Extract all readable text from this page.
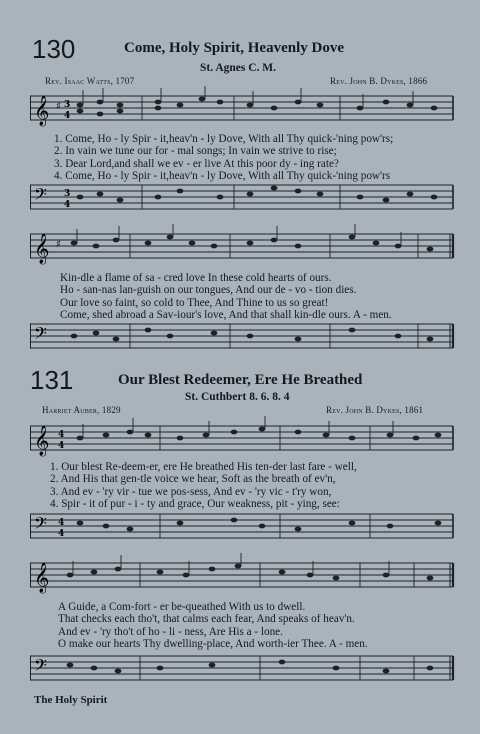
130	Come, Holy Spirit, Heavenly Dove
St. Agnes C. M.
Rev. Isaac Watts, 1707	Rev. John B. Dykes, 1866
𝄞 ♯ 3
4
1. Come, Ho - ly Spir - it,heav'n - ly Dove, With all Thy quick-'ning pow'rs;
2. In vain we tune our for - mal songs; In vain we strive to rise;
3. Dear Lord,and shall we ev - er live At this poor dy - ing rate?
4. Come, Ho - ly Spir - it,heav'n - ly Dove, With all Thy quick-'ning pow'rs
𝄢 3
4
𝄞 ♯
Kin-dle a flame of sa - cred love In these cold hearts of ours.
Ho - san-nas lan-guish on our tongues, And our de - vo - tion dies.
Our love so faint, so cold to Thee, And Thine to us so great!
Come, shed abroad a Sav-iour's love, And that shall kin-dle ours. A - men.
𝄢
131	Our Blest Redeemer, Ere He Breathed
St. Cuthbert 8. 6. 8. 4
Harriet Auber, 1829	Rev. John B. Dykes, 1861
𝄞 4
4
1. Our blest Re-deem-er, ere He breathed His ten-der last fare - well,
2. And His that gen-tle voice we hear, Soft as the breath of ev'n,
3. And ev - 'ry vir - tue we pos-sess, And ev - 'ry vic - t'ry won,
4. Spir - it of pur - i - ty and grace, Our weakness, pit - ying, see:
𝄢 4
4
𝄞
A Guide, a Com-fort - er be-queathed With us to dwell.
That checks each tho't, that calms each fear, And speaks of heav'n.
And ev - 'ry tho't of ho - li - ness, Are His a - lone.
O make our hearts Thy dwelling-place, And worth-ier Thee. A - men.
𝄢
The Holy Spirit
